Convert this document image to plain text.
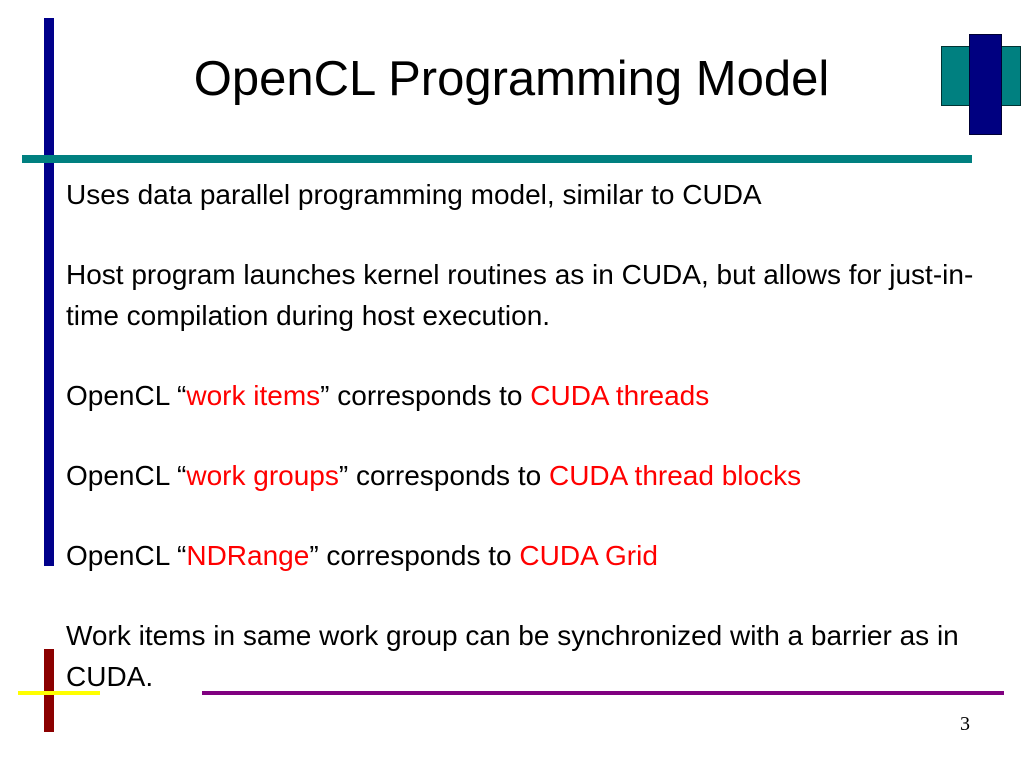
OpenCL Programming Model

Uses data parallel programming model, similar to CUDA

Host program launches kernel routines as in CUDA, but allows for just-in-time compilation during host execution.

OpenCL “work items” corresponds to CUDA threads

OpenCL “work groups” corresponds to CUDA thread blocks

OpenCL “NDRange” corresponds to CUDA Grid

Work items in same work group can be synchronized with a barrier as in CUDA.

3
